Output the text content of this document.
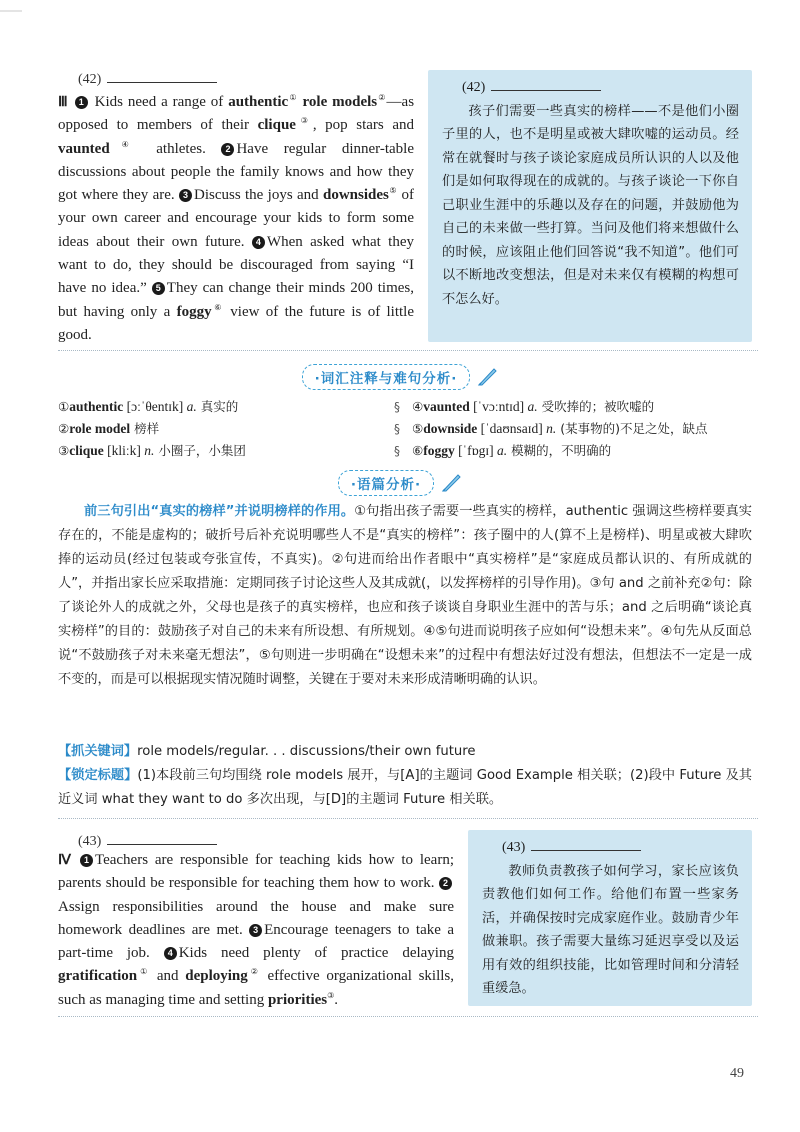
(42)
Ⅲ 1 Kids need a range of authentic① role models②—as opposed to members of their clique③, pop stars and vaunted④ athletes. 2 Have regular dinner-table discussions about people the family knows and how they got where they are. 3 Discuss the joys and downsides⑤ of your own career and encourage your kids to form some ideas about their own future. 4 When asked what they want to do, they should be discouraged from saying “I have no idea.” 5 They can change their minds 200 times, but having only a foggy⑥ view of the future is of little good.
(42)

孩子们需要一些真实的榜样——不是他们小圈子里的人，也不是明星或被大肆吹嘘的运动员。经常在就餐时与孩子谈论家庭成员所认识的人以及他们是如何取得现在的成就的。与孩子谈论一下你自己职业生涯中的乐趣以及存在的问题，并鼓励他为自己的未来做一些打算。当问及他们将来想做什么的时候，应该阻止他们回答说“我不知道”。他们可以不断地改变想法，但是对未来仅有模糊的构想可不怎么好。

·词汇注释与难句分析·
①authentic [ɔːˈθentɪk] a. 真实的
②role model 榜样
③clique [kliːk] n. 小圈子，小集团
§
§
§
④vaunted [ˈvɔːntɪd] a. 受吹捧的；被吹嘘的
⑤downside [ˈdaʊnsaɪd] n. (某事物的)不足之处，缺点
⑥foggy [ˈfɒgɪ] a. 模糊的，不明确的
·语篇分析·
前三句引出“真实的榜样”并说明榜样的作用。①句指出孩子需要一些真实的榜样，authentic 强调这些榜样要真实存在的，不能是虚构的；破折号后补充说明哪些人不是“真实的榜样”：孩子圈中的人(算不上是榜样)、明星或被大肆吹捧的运动员(经过包装或夸张宣传，不真实)。②句进而给出作者眼中“真实榜样”是“家庭成员都认识的、有所成就的人”，并指出家长应采取措施：定期同孩子讨论这些人及其成就(，以发挥榜样的引导作用)。③句 and 之前补充②句：除了谈论外人的成就之外，父母也是孩子的真实榜样，也应和孩子谈谈自身职业生涯中的苦与乐；and 之后明确“谈论真实榜样”的目的：鼓励孩子对自己的未来有所设想、有所规划。④⑤句进而说明孩子应如何“设想未来”。④句先从反面总说“不鼓励孩子对未来毫无想法”，⑤句则进一步明确在“设想未来”的过程中有想法好过没有想法，但想法不一定是一成不变的，而是可以根据现实情况随时调整，关键在于要对未来形成清晰明确的认识。
【抓关键词】role models/regular. . . discussions/their own future
【锁定标题】(1)本段前三句均围绕 role models 展开，与[A]的主题词 Good Example 相关联；(2)段中 Future 及其近义词 what they want to do 多次出现，与[D]的主题词 Future 相关联。
(43)
Ⅳ 1 Teachers are responsible for teaching kids how to learn; parents should be responsible for teaching them how to work. 2Assign responsibilities around the house and make sure homework deadlines are met. 3 Encourage teenagers to take a part-time job. 4 Kids need plenty of practice delaying gratification① and deploying② effective organizational skills, such as managing time and setting priorities③.
(43)

教师负责教孩子如何学习，家长应该负责教他们如何工作。给他们布置一些家务活，并确保按时完成家庭作业。鼓励青少年做兼职。孩子需要大量练习延迟享受以及运用有效的组织技能，比如管理时间和分清轻重缓急。

49
